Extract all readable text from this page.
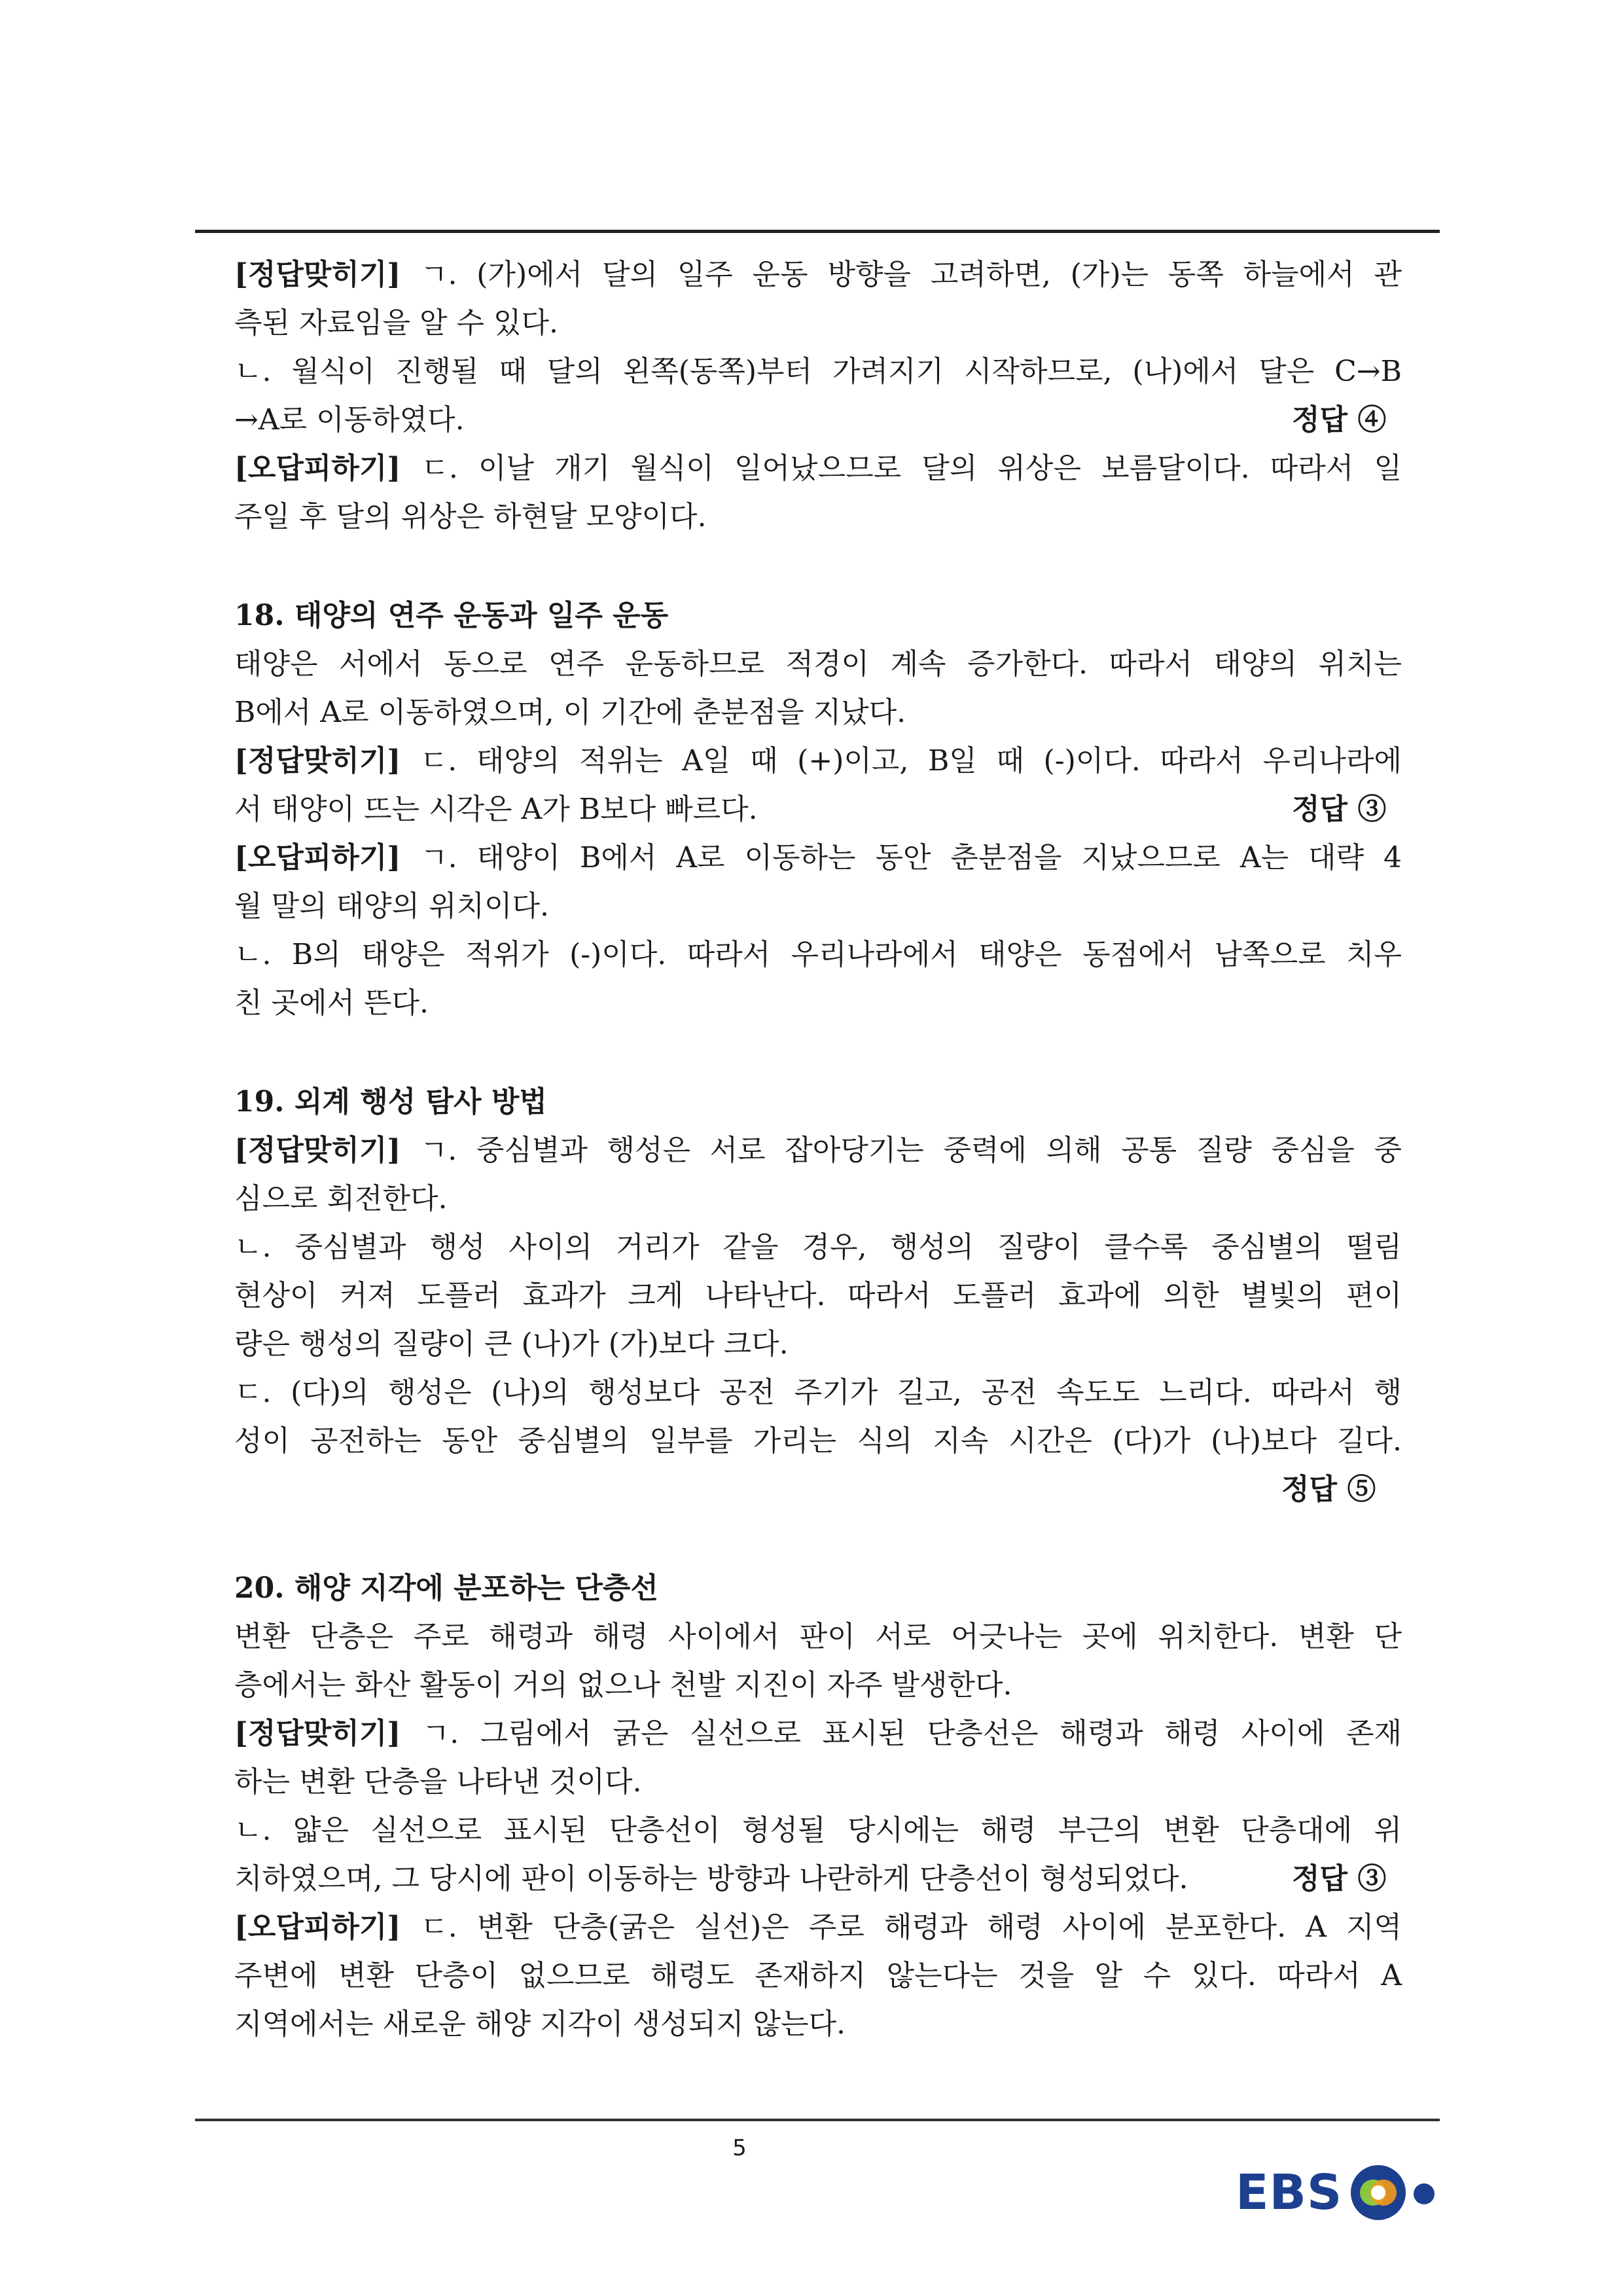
[정답맞히기] ㄱ. (가)에서 달의 일주 운동 방향을 고려하면, (가)는 동쪽 하늘에서 관
측된 자료임을 알 수 있다.
ㄴ. 월식이 진행될 때 달의 왼쪽(동쪽)부터 가려지기 시작하므로, (나)에서 달은 C→B
→A로 이동하였다.	정답 ④
[오답피하기] ㄷ. 이날 개기 월식이 일어났으므로 달의 위상은 보름달이다. 따라서 일
주일 후 달의 위상은 하현달 모양이다.
18. 태양의 연주 운동과 일주 운동
태양은 서에서 동으로 연주 운동하므로 적경이 계속 증가한다. 따라서 태양의 위치는
B에서 A로 이동하였으며, 이 기간에 춘분점을 지났다.
[정답맞히기] ㄷ. 태양의 적위는 A일 때 (+)이고, B일 때 (-)이다. 따라서 우리나라에
서 태양이 뜨는 시각은 A가 B보다 빠르다.	정답 ③
[오답피하기] ㄱ. 태양이 B에서 A로 이동하는 동안 춘분점을 지났으므로 A는 대략 4
월 말의 태양의 위치이다.
ㄴ. B의 태양은 적위가 (-)이다. 따라서 우리나라에서 태양은 동점에서 남쪽으로 치우
친 곳에서 뜬다.
19. 외계 행성 탐사 방법
[정답맞히기] ㄱ. 중심별과 행성은 서로 잡아당기는 중력에 의해 공통 질량 중심을 중
심으로 회전한다.
ㄴ. 중심별과 행성 사이의 거리가 같을 경우, 행성의 질량이 클수록 중심별의 떨림
현상이 커져 도플러 효과가 크게 나타난다. 따라서 도플러 효과에 의한 별빛의 편이
량은 행성의 질량이 큰 (나)가 (가)보다 크다.
ㄷ. (다)의 행성은 (나)의 행성보다 공전 주기가 길고, 공전 속도도 느리다. 따라서 행
성이 공전하는 동안 중심별의 일부를 가리는 식의 지속 시간은 (다)가 (나)보다 길다.
정답 ⑤
20. 해양 지각에 분포하는 단층선
변환 단층은 주로 해령과 해령 사이에서 판이 서로 어긋나는 곳에 위치한다. 변환 단
층에서는 화산 활동이 거의 없으나 천발 지진이 자주 발생한다.
[정답맞히기] ㄱ. 그림에서 굵은 실선으로 표시된 단층선은 해령과 해령 사이에 존재
하는 변환 단층을 나타낸 것이다.
ㄴ. 얇은 실선으로 표시된 단층선이 형성될 당시에는 해령 부근의 변환 단층대에 위
치하였으며, 그 당시에 판이 이동하는 방향과 나란하게 단층선이 형성되었다.	정답 ③
[오답피하기] ㄷ. 변환 단층(굵은 실선)은 주로 해령과 해령 사이에 분포한다. A 지역
주변에 변환 단층이 없으므로 해령도 존재하지 않는다는 것을 알 수 있다. 따라서 A
지역에서는 새로운 해양 지각이 생성되지 않는다.
5
EBS
